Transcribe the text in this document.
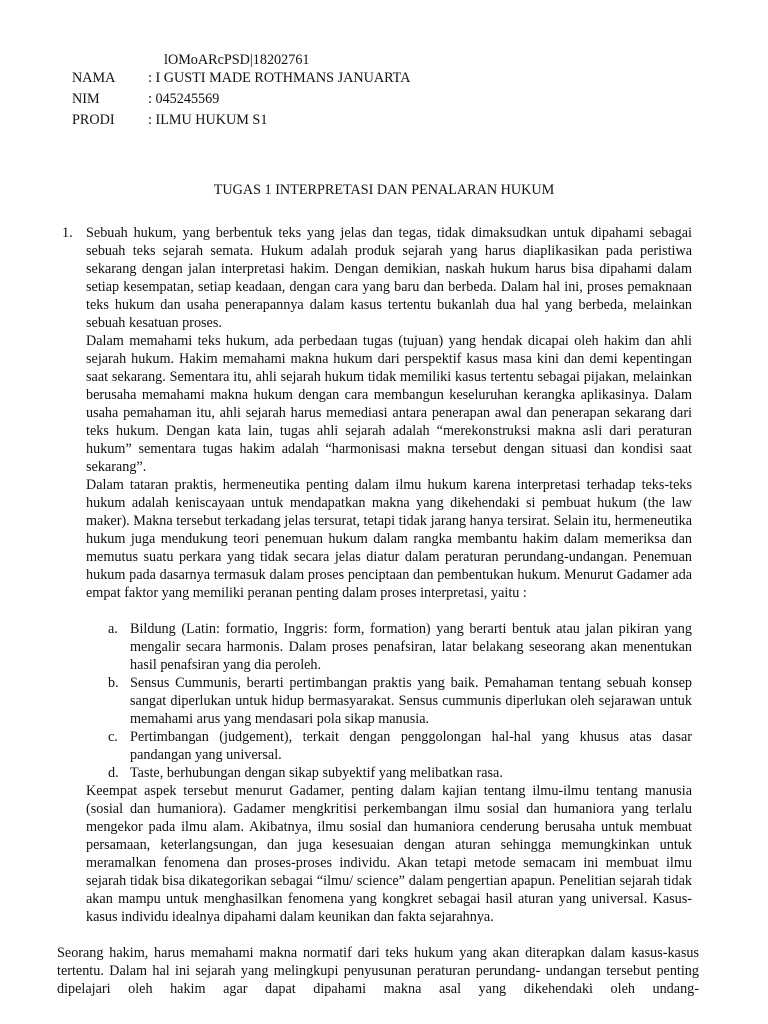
lOMoARcPSD|18202761
NAMA : I GUSTI MADE ROTHMANS JANUARTA
NIM	: 045245569
PRODI : ILMU HUKUM S1
TUGAS 1 INTERPRETASI DAN PENALARAN HUKUM
1. Sebuah hukum, yang berbentuk teks yang jelas dan tegas, tidak dimaksudkan untuk dipahami sebagai sebuah teks sejarah semata. Hukum adalah produk sejarah yang harus diaplikasikan pada peristiwa sekarang dengan jalan interpretasi hakim. Dengan demikian, naskah hukum harus bisa dipahami dalam setiap kesempatan, setiap keadaan, dengan cara yang baru dan berbeda. Dalam hal ini, proses pemaknaan teks hukum dan usaha penerapannya dalam kasus tertentu bukanlah dua hal yang berbeda, melainkan sebuah kesatuan proses.

Dalam memahami teks hukum, ada perbedaan tugas (tujuan) yang hendak dicapai oleh hakim dan ahli sejarah hukum. Hakim memahami makna hukum dari perspektif kasus masa kini dan demi kepentingan saat sekarang. Sementara itu, ahli sejarah hukum tidak memiliki kasus tertentu sebagai pijakan, melainkan berusaha memahami makna hukum dengan cara membangun keseluruhan kerangka aplikasinya. Dalam usaha pemahaman itu, ahli sejarah harus memediasi antara penerapan awal dan penerapan sekarang dari teks hukum. Dengan kata lain, tugas ahli sejarah adalah “merekonstruksi makna asli dari peraturan hukum” sementara tugas hakim adalah “harmonisasi makna tersebut dengan situasi dan kondisi saat sekarang”.

Dalam tataran praktis, hermeneutika penting dalam ilmu hukum karena interpretasi terhadap teks-teks hukum adalah keniscayaan untuk mendapatkan makna yang dikehendaki si pembuat hukum (the law maker). Makna tersebut terkadang jelas tersurat, tetapi tidak jarang hanya tersirat. Selain itu, hermeneutika hukum juga mendukung teori penemuan hukum dalam rangka membantu hakim dalam memeriksa dan memutus suatu perkara yang tidak secara jelas diatur dalam peraturan perundang-undangan. Penemuan hukum pada dasarnya termasuk dalam proses penciptaan dan pembentukan hukum. Menurut Gadamer ada empat faktor yang memiliki peranan penting dalam proses interpretasi, yaitu :

a. Bildung (Latin: formatio, Inggris: form, formation) yang berarti bentuk atau jalan pikiran yang mengalir secara harmonis. Dalam proses penafsiran, latar belakang seseorang akan menentukan hasil penafsiran yang dia peroleh.

b. Sensus Cummunis, berarti pertimbangan praktis yang baik. Pemahaman tentang sebuah konsep sangat diperlukan untuk hidup bermasyarakat. Sensus cummunis diperlukan oleh sejarawan untuk memahami arus yang mendasari pola sikap manusia.

c. Pertimbangan (judgement), terkait dengan penggolongan hal-hal yang khusus atas dasar pandangan yang universal.

d. Taste, berhubungan dengan sikap subyektif yang melibatkan rasa.

Keempat aspek tersebut menurut Gadamer, penting dalam kajian tentang ilmu-ilmu tentang manusia (sosial dan humaniora). Gadamer mengkritisi perkembangan ilmu sosial dan humaniora yang terlalu mengekor pada ilmu alam. Akibatnya, ilmu sosial dan humaniora cenderung berusaha untuk membuat persamaan, keterlangsungan, dan juga kesesuaian dengan aturan sehingga memungkinkan untuk meramalkan fenomena dan proses-proses individu. Akan tetapi metode semacam ini membuat ilmu sejarah tidak bisa dikategorikan sebagai “ilmu/ science” dalam pengertian apapun. Penelitian sejarah tidak akan mampu untuk menghasilkan fenomena yang kongkret sebagai hasil aturan yang universal. Kasus-kasus individu idealnya dipahami dalam keunikan dan fakta sejarahnya.

Seorang hakim, harus memahami makna normatif dari teks hukum yang akan diterapkan dalam kasus-kasus tertentu. Dalam hal ini sejarah yang melingkupi penyusunan peraturan perundang- undangan tersebut penting dipelajari oleh hakim agar dapat dipahami makna asal yang dikehendaki oleh undang-
